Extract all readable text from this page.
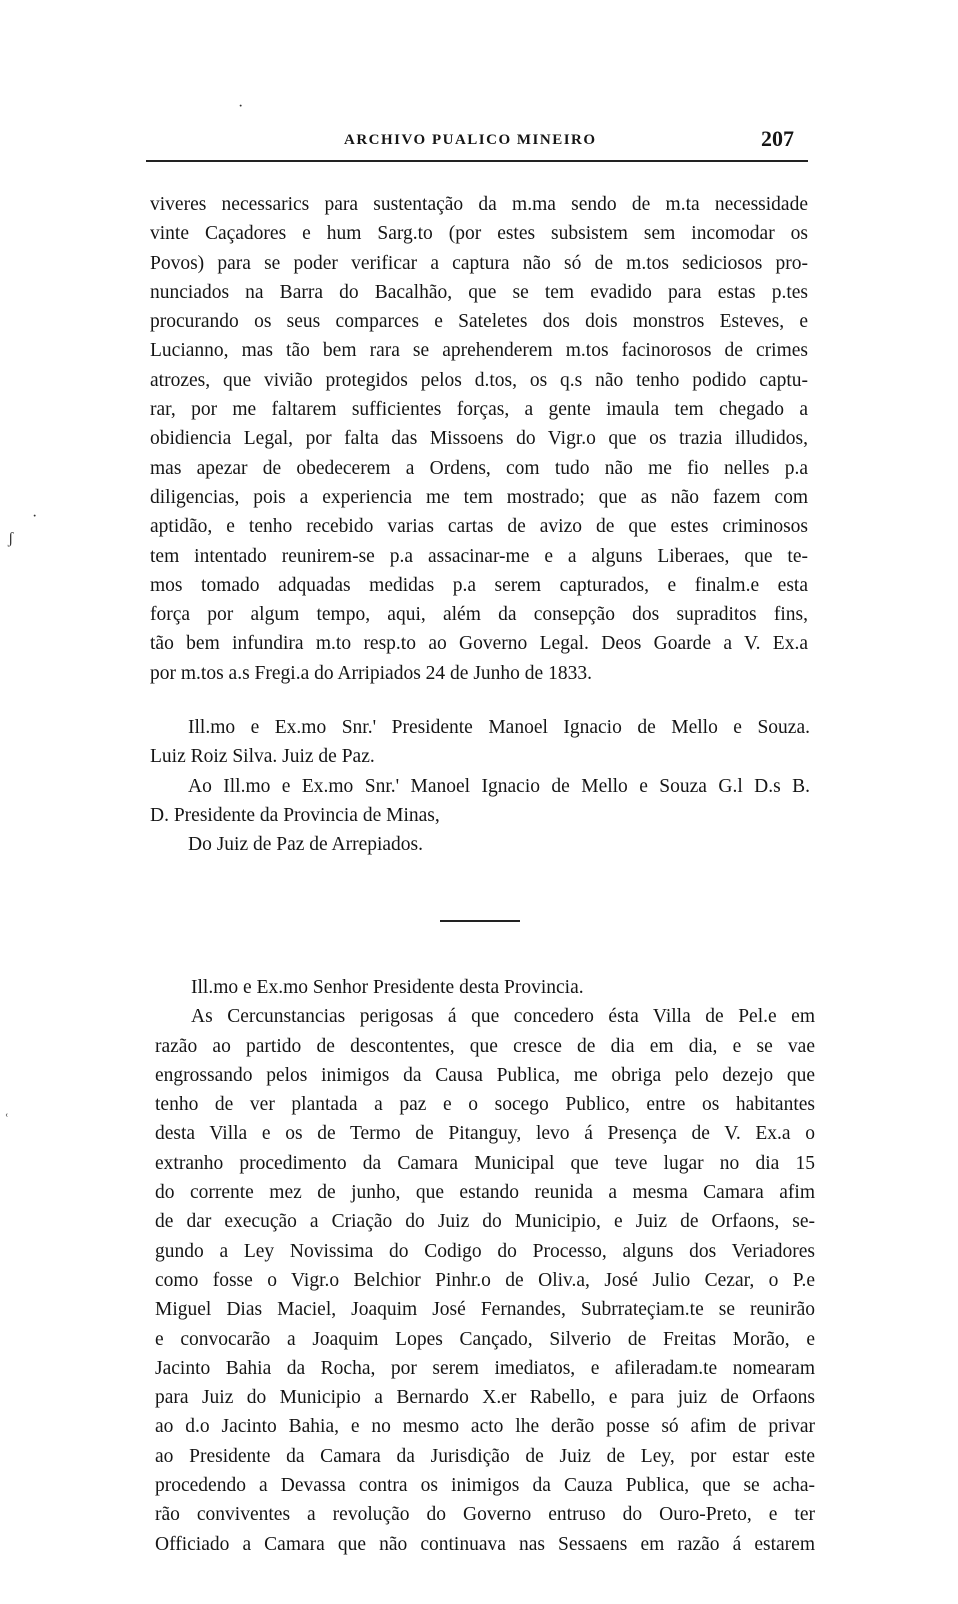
ARCHIVO PUALICO MINEIRO	207
·
ʃ
·
ʿ
viveres necessarics para sustentação da m.ma sendo de m.ta necessidade
vinte Caçadores e hum Sarg.to (por estes subsistem sem incomodar os
Povos) para se poder verificar a captura não só de m.tos sediciosos pro-
nunciados na Barra do Bacalhão, que se tem evadido para estas p.tes
procurando os seus comparces e Sateletes dos dois monstros Esteves, e
Lucianno, mas tão bem rara se aprehenderem m.tos facinorosos de crimes
atrozes, que vivião protegidos pelos d.tos, os q.s não tenho podido captu-
rar, por me faltarem sufficientes forças, a gente imaula tem chegado a
obidiencia Legal, por falta das Missoens do Vigr.o que os trazia illudidos,
mas apezar de obedecerem a Ordens, com tudo não me fio nelles p.a
diligencias, pois a experiencia me tem mostrado; que as não fazem com
aptidão, e tenho recebido varias cartas de avizo de que estes criminosos
tem intentado reunirem-se p.a assacinar-me e a alguns Liberaes, que te-
mos tomado adquadas medidas p.a serem capturados, e finalm.e esta
força por algum tempo, aqui, além da consepção dos supraditos fins,
tão bem infundira m.to resp.to ao Governo Legal. Deos Goarde a V. Ex.a
por m.tos a.s Fregi.a do Arripiados 24 de Junho de 1833.
Ill.mo e Ex.mo Snr.' Presidente Manoel Ignacio de Mello e Souza.
Luiz Roiz Silva. Juiz de Paz.
Ao Ill.mo e Ex.mo Snr.' Manoel Ignacio de Mello e Souza G.l D.s B.
D. Presidente da Provincia de Minas,
Do Juiz de Paz de Arrepiados.
Ill.mo e Ex.mo Senhor Presidente desta Provincia.
As Cercunstancias perigosas á que concedero ésta Villa de Pel.e em
razão ao partido de descontentes, que cresce de dia em dia, e se vae
engrossando pelos inimigos da Causa Publica, me obriga pelo dezejo que
tenho de ver plantada a paz e o socego Publico, entre os habitantes
desta Villa e os de Termo de Pitanguy, levo á Presença de V. Ex.a o
extranho procedimento da Camara Municipal que teve lugar no dia 15
do corrente mez de junho, que estando reunida a mesma Camara afim
de dar execução a Criação do Juiz do Municipio, e Juiz de Orfaons, se-
gundo a Ley Novissima do Codigo do Processo, alguns dos Veriadores
como fosse o Vigr.o Belchior Pinhr.o de Oliv.a, José Julio Cezar, o P.e
Miguel Dias Maciel, Joaquim José Fernandes, Subrrateçiam.te se reunirão
e convocarão a Joaquim Lopes Cançado, Silverio de Freitas Morão, e
Jacinto Bahia da Rocha, por serem imediatos, e afileradam.te nomearam
para Juiz do Municipio a Bernardo X.er Rabello, e para juiz de Orfaons
ao d.o Jacinto Bahia, e no mesmo acto lhe derão posse só afim de privar
ao Presidente da Camara da Jurisdição de Juiz de Ley, por estar este
procedendo a Devassa contra os inimigos da Cauza Publica, que se acha-
rão conviventes a revolução do Governo entruso do Ouro-Preto, e ter
Officiado a Camara que não continuava nas Sessaens em razão á estarem
